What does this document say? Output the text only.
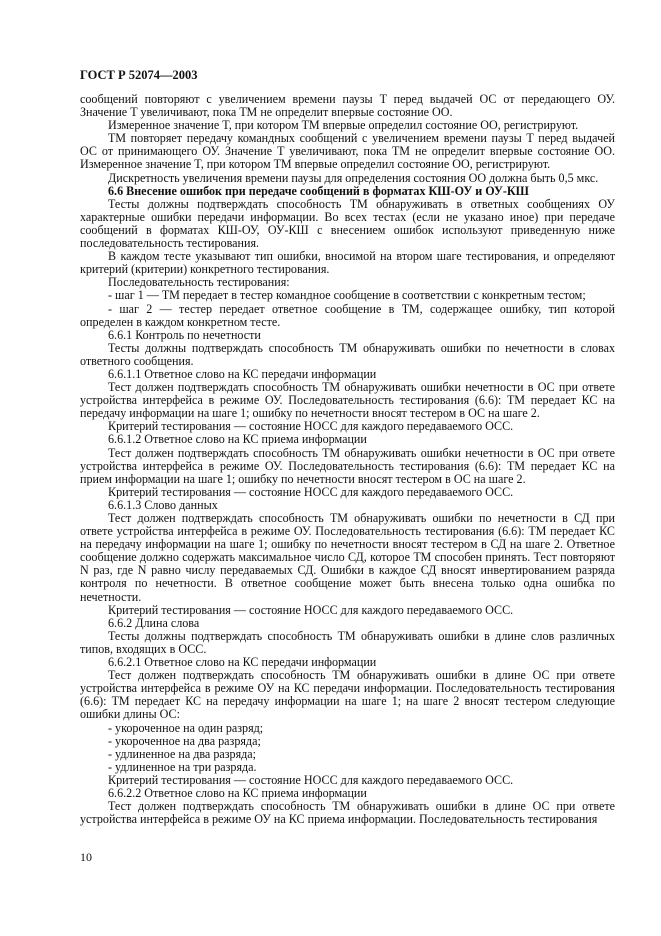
ГОСТ Р 52074—2003

сообщений повторяют с увеличением времени паузы T перед выдачей ОС от передающего ОУ. Значение T увеличивают, пока ТМ не определит впервые состояние ОО.

Измеренное значение T, при котором ТМ впервые определил состояние ОО, регистрируют.

ТМ повторяет передачу командных сообщений с увеличением времени паузы T перед выдачей ОС от принимающего ОУ. Значение T увеличивают, пока ТМ не определит впервые состояние ОО. Измеренное значение T, при котором ТМ впервые определил состояние ОО, регистрируют.

Дискретность увеличения времени паузы для определения состояния ОО должна быть 0,5 мкс.

6.6 Внесение ошибок при передаче сообщений в форматах КШ-ОУ и ОУ-КШ

Тесты должны подтверждать способность ТМ обнаруживать в ответных сообщениях ОУ характерные ошибки передачи информации. Во всех тестах (если не указано иное) при передаче сообщений в форматах КШ-ОУ, ОУ-КШ с внесением ошибок используют приведенную ниже последовательность тестирования.

В каждом тесте указывают тип ошибки, вносимой на втором шаге тестирования, и определяют критерий (критерии) конкретного тестирования.

Последовательность тестирования:

- шаг 1 — ТМ передает в тестер командное сообщение в соответствии с конкретным тестом;

- шаг 2 — тестер передает ответное сообщение в ТМ, содержащее ошибку, тип которой определен в каждом конкретном тесте.

6.6.1 Контроль по нечетности

Тесты должны подтверждать способность ТМ обнаруживать ошибки по нечетности в словах ответного сообщения.

6.6.1.1 Ответное слово на КС передачи информации

Тест должен подтверждать способность ТМ обнаруживать ошибки нечетности в ОС при ответе устройства интерфейса в режиме ОУ. Последовательность тестирования (6.6): ТМ передает КС на передачу информации на шаге 1; ошибку по нечетности вносят тестером в ОС на шаге 2.

Критерий тестирования — состояние НОСС для каждого передаваемого ОСС.

6.6.1.2 Ответное слово на КС приема информации

Тест должен подтверждать способность ТМ обнаруживать ошибки нечетности в ОС при ответе устройства интерфейса в режиме ОУ. Последовательность тестирования (6.6): ТМ передает КС на прием информации на шаге 1; ошибку по нечетности вносят тестером в ОС на шаге 2.

Критерий тестирования — состояние НОСС для каждого передаваемого ОСС.

6.6.1.3 Слово данных

Тест должен подтверждать способность ТМ обнаруживать ошибки по нечетности в СД при ответе устройства интерфейса в режиме ОУ. Последовательность тестирования (6.6): ТМ передает КС на передачу информации на шаге 1; ошибку по нечетности вносят тестером в СД на шаге 2. Ответное сообщение должно содержать максимальное число СД, которое ТМ способен принять. Тест повторяют N раз, где N равно числу передаваемых СД. Ошибки в каждое СД вносят инвертированием разряда контроля по нечетности. В ответное сообщение может быть внесена только одна ошибка по нечетности.

Критерий тестирования — состояние НОСС для каждого передаваемого ОСС.

6.6.2 Длина слова

Тесты должны подтверждать способность ТМ обнаруживать ошибки в длине слов различных типов, входящих в ОСС.

6.6.2.1 Ответное слово на КС передачи информации

Тест должен подтверждать способность ТМ обнаруживать ошибки в длине ОС при ответе устройства интерфейса в режиме ОУ на КС передачи информации. Последовательность тестирования (6.6): ТМ передает КС на передачу информации на шаге 1; на шаге 2 вносят тестером следующие ошибки длины ОС:

- укороченное на один разряд;

- укороченное на два разряда;

- удлиненное на два разряда;

- удлиненное на три разряда.

Критерий тестирования — состояние НОСС для каждого передаваемого ОСС.

6.6.2.2 Ответное слово на КС приема информации

Тест должен подтверждать способность ТМ обнаруживать ошибки в длине ОС при ответе устройства интерфейса в режиме ОУ на КС приема информации. Последовательность тестирования

10
